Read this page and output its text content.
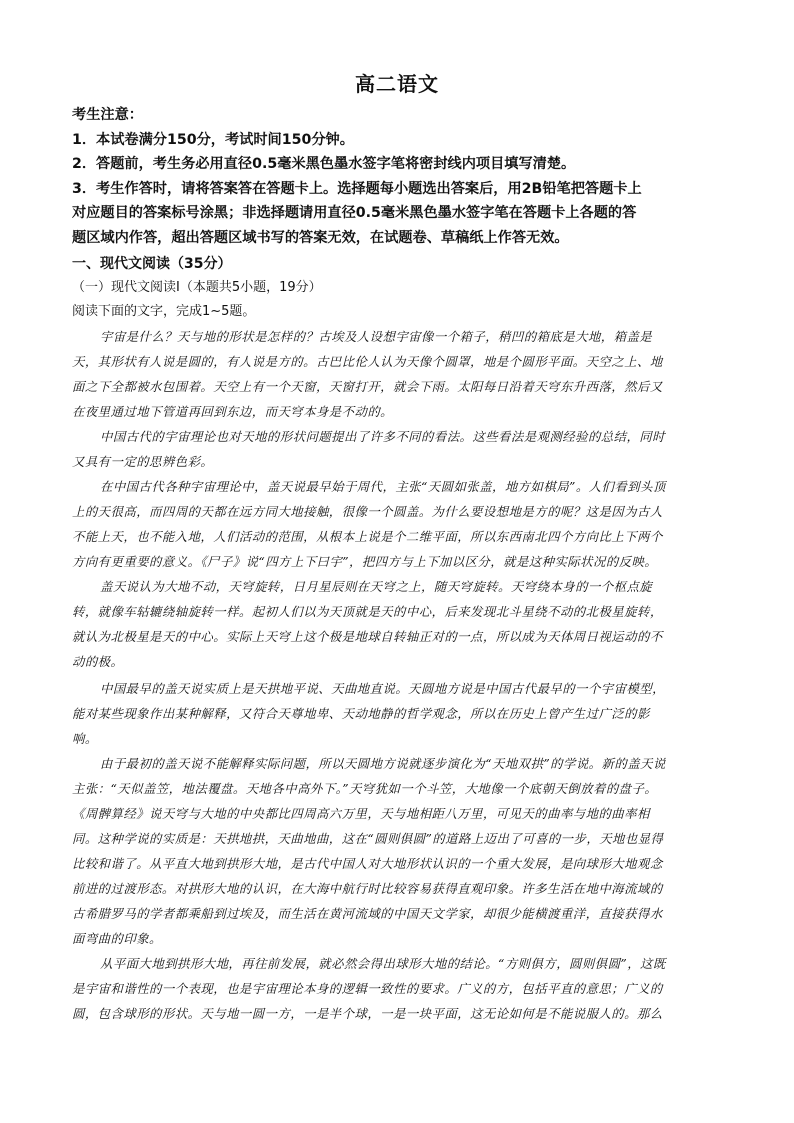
高二语文
考生注意：
1．本试卷满分150分，考试时间150分钟。
2．答题前，考生务必用直径0.5毫米黑色墨水签字笔将密封线内项目填写清楚。
3．考生作答时，请将答案答在答题卡上。选择题每小题选出答案后，用2B铅笔把答题卡上
对应题目的答案标号涂黑；非选择题请用直径0.5毫米黑色墨水签字笔在答题卡上各题的答
题区域内作答，超出答题区域书写的答案无效，在试题卷、草稿纸上作答无效。
一、现代文阅读（35分）
（一）现代文阅读Ⅰ（本题共5小题，19分）
阅读下面的文字，完成1~5题。
宇宙是什么？天与地的形状是怎样的？古埃及人设想宇宙像一个箱子，稍凹的箱底是大地，箱盖是
天，其形状有人说是圆的，有人说是方的。古巴比伦人认为天像个圆罩，地是个圆形平面。天空之上、地
面之下全都被水包围着。天空上有一个天窗，天窗打开，就会下雨。太阳每日沿着天穹东升西落，然后又
在夜里通过地下管道再回到东边，而天穹本身是不动的。
中国古代的宇宙理论也对天地的形状问题提出了许多不同的看法。这些看法是观测经验的总结，同时
又具有一定的思辨色彩。
在中国古代各种宇宙理论中，盖天说最早始于周代，主张“天圆如张盖，地方如棋局”。人们看到头顶
上的天很高，而四周的天都在远方同大地接触，很像一个圆盖。为什么要设想地是方的呢？这是因为古人
不能上天，也不能入地，人们活动的范围，从根本上说是个二维平面，所以东西南北四个方向比上下两个
方向有更重要的意义。《尸子》说“四方上下曰宇”，把四方与上下加以区分，就是这种实际状况的反映。
盖天说认为大地不动，天穹旋转，日月星辰则在天穹之上，随天穹旋转。天穹绕本身的一个枢点旋
转，就像车轱辘绕轴旋转一样。起初人们以为天顶就是天的中心，后来发现北斗星绕不动的北极星旋转，
就认为北极星是天的中心。实际上天穹上这个极是地球自转轴正对的一点，所以成为天体周日视运动的不
动的极。
中国最早的盖天说实质上是天拱地平说、天曲地直说。天圆地方说是中国古代最早的一个宇宙模型，
能对某些现象作出某种解释，又符合天尊地卑、天动地静的哲学观念，所以在历史上曾产生过广泛的影
响。
由于最初的盖天说不能解释实际问题，所以天圆地方说就逐步演化为“天地双拱”的学说。新的盖天说
主张：“天似盖笠，地法覆盘。天地各中高外下。”天穹犹如一个斗笠，大地像一个底朝天倒放着的盘子。
《周髀算经》说天穹与大地的中央都比四周高六万里，天与地相距八万里，可见天的曲率与地的曲率相
同。这种学说的实质是：天拱地拱，天曲地曲，这在“圆则俱圆”的道路上迈出了可喜的一步，天地也显得
比较和谐了。从平直大地到拱形大地，是古代中国人对大地形状认识的一个重大发展，是向球形大地观念
前进的过渡形态。对拱形大地的认识，在大海中航行时比较容易获得直观印象。许多生活在地中海流域的
古希腊罗马的学者都乘船到过埃及，而生活在黄河流域的中国天文学家，却很少能横渡重洋，直接获得水
面弯曲的印象。
从平面大地到拱形大地，再往前发展，就必然会得出球形大地的结论。“方则俱方，圆则俱圆”，这既
是宇宙和谐性的一个表现，也是宇宙理论本身的逻辑一致性的要求。广义的方，包括平直的意思；广义的
圆，包含球形的形状。天与地一圆一方，一是半个球，一是一块平面，这无论如何是不能说服人的。那么
